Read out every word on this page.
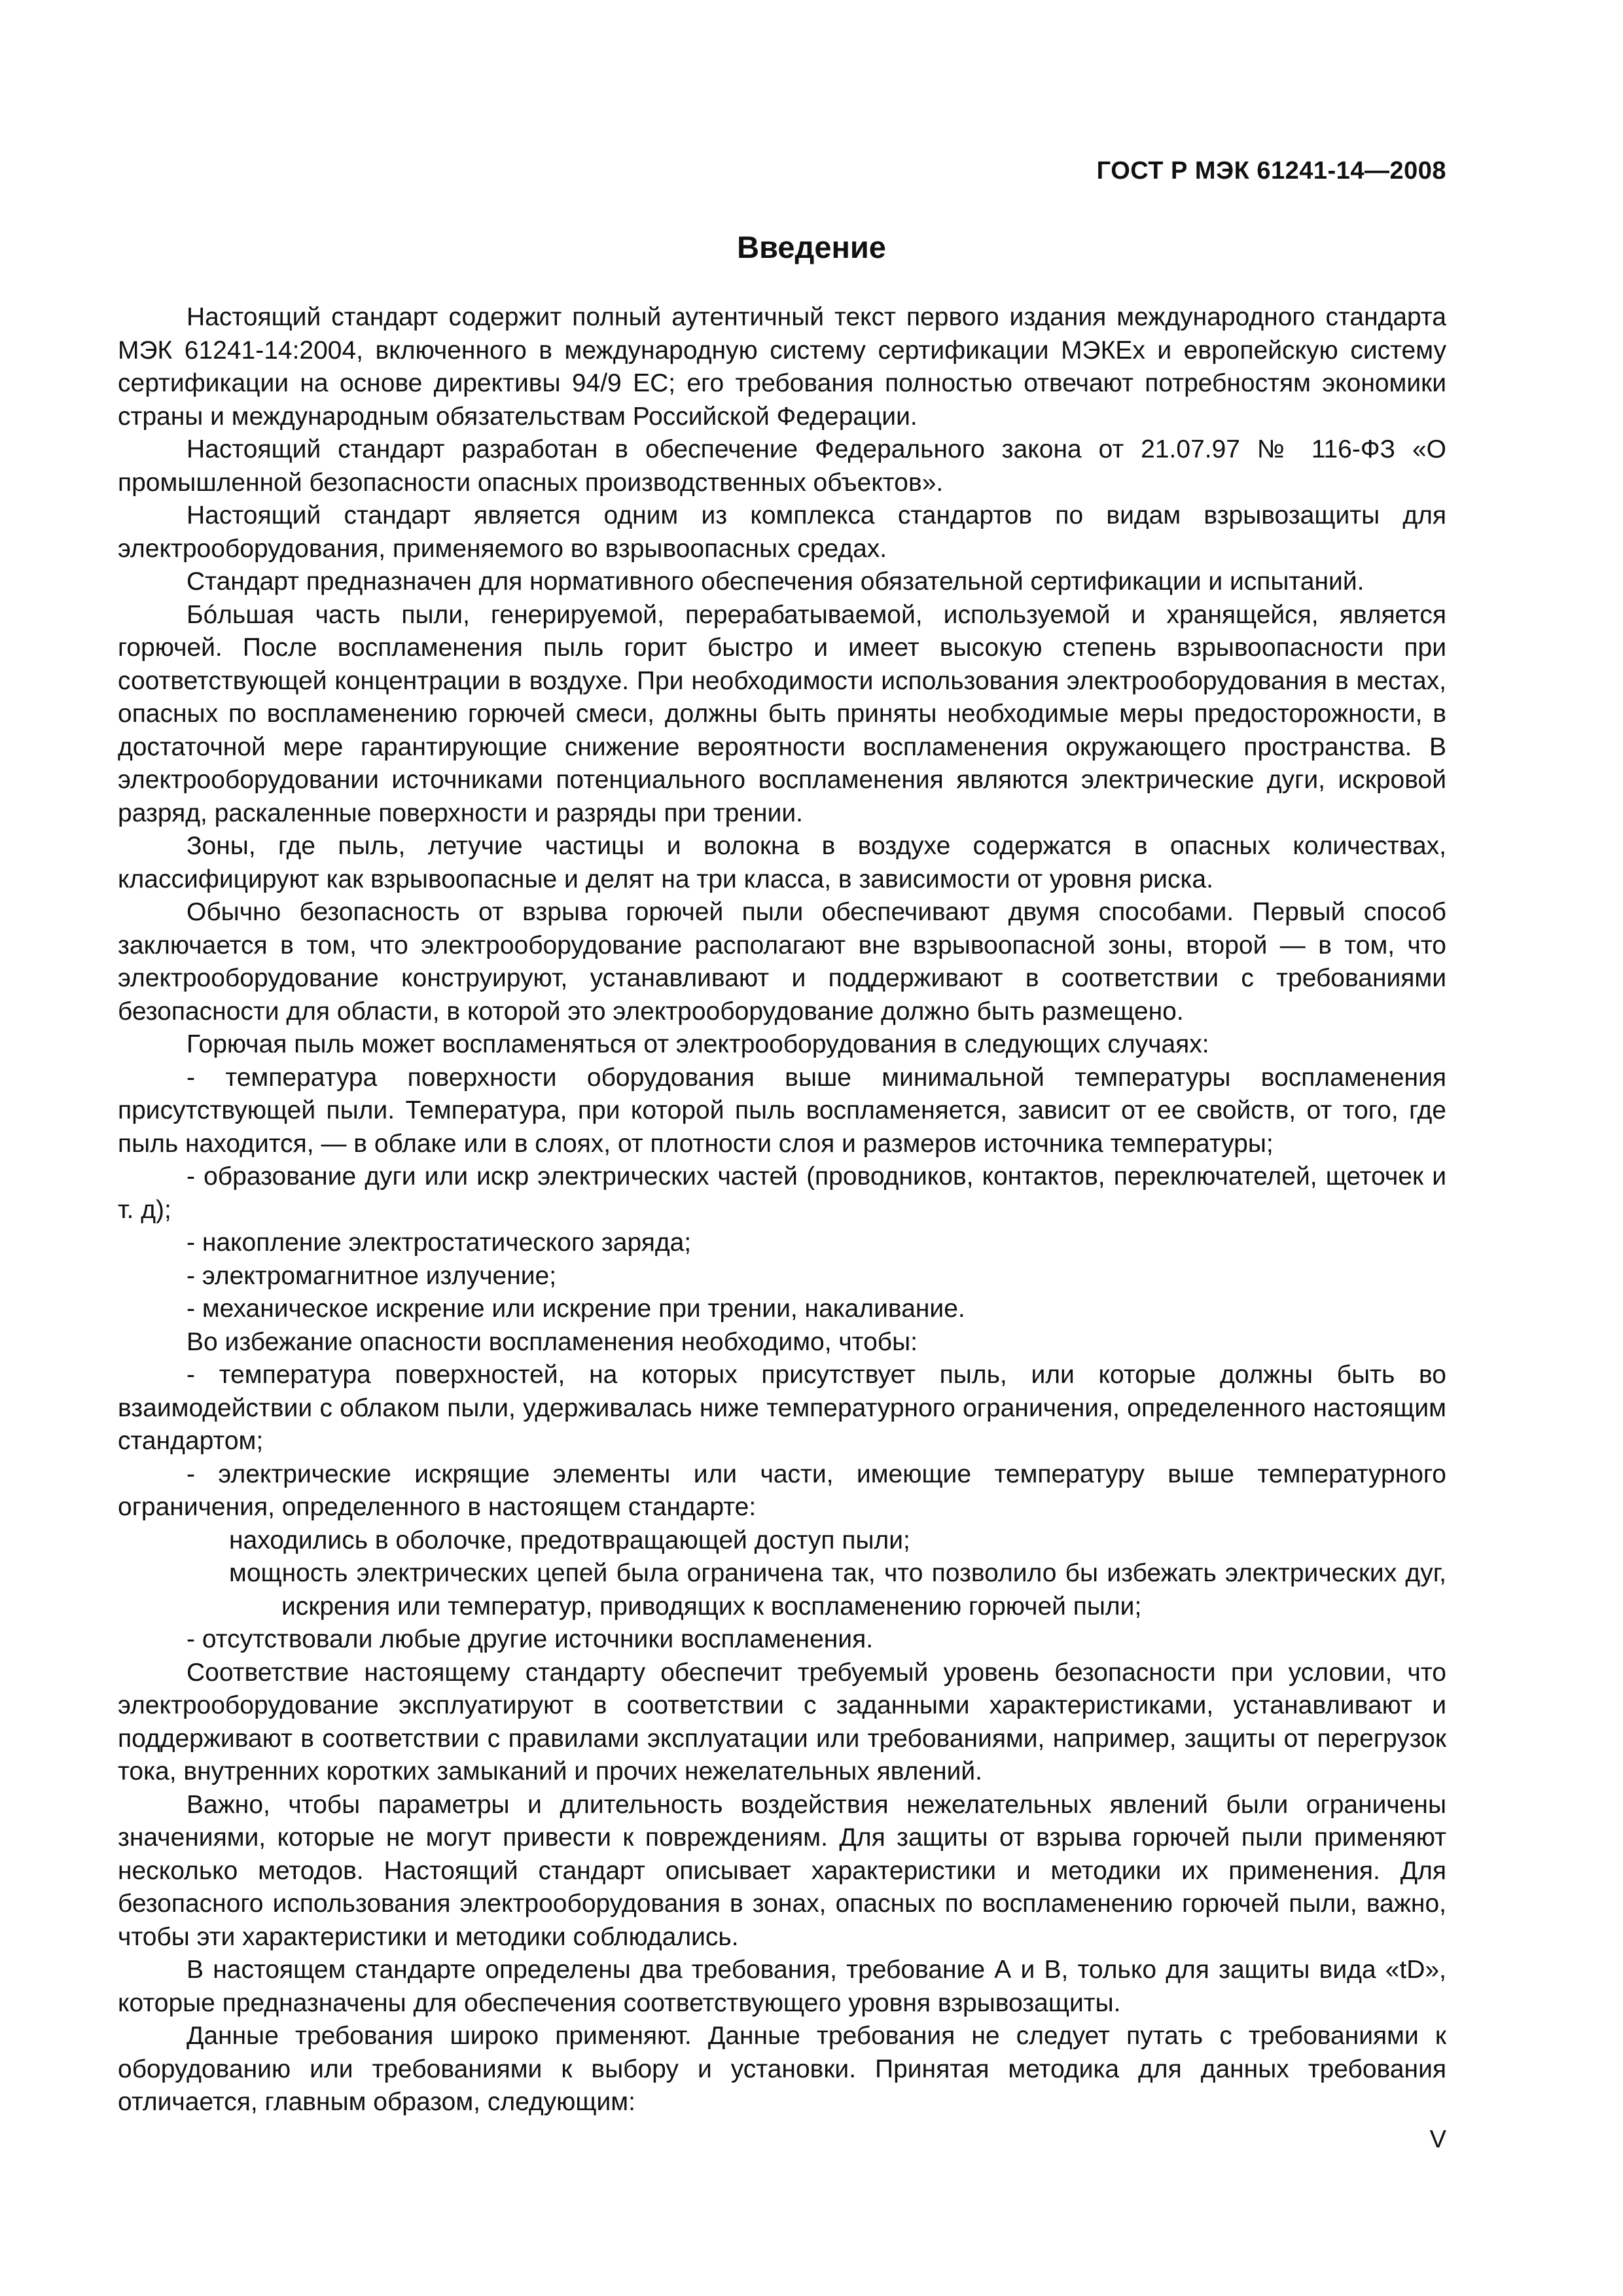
ГОСТ Р МЭК 61241-14—2008
Введение

Настоящий стандарт содержит полный аутентичный текст первого издания международного стандарта МЭК 61241-14:2004, включенного в международную систему сертификации МЭКЕх и европейскую систему сертификации на основе директивы 94/9 ЕС; его требования полностью отвечают потребностям экономики страны и международным обязательствам Российской Федерации.

Настоящий стандарт разработан в обеспечение Федерального закона от 21.07.97 № 116-ФЗ «О промышленной безопасности опасных производственных объектов».

Настоящий стандарт является одним из комплекса стандартов по видам взрывозащиты для электрооборудования, применяемого во взрывоопасных средах.

Стандарт предназначен для нормативного обеспечения обязательной сертификации и испытаний.

Бóльшая часть пыли, генерируемой, перерабатываемой, используемой и хранящейся, является горючей. После воспламенения пыль горит быстро и имеет высокую степень взрывоопасности при соответствующей концентрации в воздухе. При необходимости использования электрооборудования в местах, опасных по воспламенению горючей смеси, должны быть приняты необходимые меры предосторожности, в достаточной мере гарантирующие снижение вероятности воспламенения окружающего пространства. В электрооборудовании источниками потенциального воспламенения являются электрические дуги, искровой разряд, раскаленные поверхности и разряды при трении.

Зоны, где пыль, летучие частицы и волокна в воздухе содержатся в опасных количествах, классифицируют как взрывоопасные и делят на три класса, в зависимости от уровня риска.

Обычно безопасность от взрыва горючей пыли обеспечивают двумя способами. Первый способ заключается в том, что электрооборудование располагают вне взрывоопасной зоны, второй — в том, что электрооборудование конструируют, устанавливают и поддерживают в соответствии с требованиями безопасности для области, в которой это электрооборудование должно быть размещено.

Горючая пыль может воспламеняться от электрооборудования в следующих случаях:

- температура поверхности оборудования выше минимальной температуры воспламенения присутствующей пыли. Температура, при которой пыль воспламеняется, зависит от ее свойств, от того, где пыль находится, — в облаке или в слоях, от плотности слоя и размеров источника температуры;

- образование дуги или искр электрических частей (проводников, контактов, переключателей, щеточек и т. д);

- накопление электростатического заряда;

- электромагнитное излучение;

- механическое искрение или искрение при трении, накаливание.

Во избежание опасности воспламенения необходимо, чтобы:

- температура поверхностей, на которых присутствует пыль, или которые должны быть во взаимодействии с облаком пыли, удерживалась ниже температурного ограничения, определенного настоящим стандартом;

- электрические искрящие элементы или части, имеющие температуру выше температурного ограничения, определенного в настоящем стандарте:

находились в оболочке, предотвращающей доступ пыли;

мощность электрических цепей была ограничена так, что позволило бы избежать электрических дуг, искрения или температур, приводящих к воспламенению горючей пыли;

- отсутствовали любые другие источники воспламенения.

Соответствие настоящему стандарту обеспечит требуемый уровень безопасности при условии, что электрооборудование эксплуатируют в соответствии с заданными характеристиками, устанавливают и поддерживают в соответствии с правилами эксплуатации или требованиями, например, защиты от перегрузок тока, внутренних коротких замыканий и прочих нежелательных явлений.

Важно, чтобы параметры и длительность воздействия нежелательных явлений были ограничены значениями, которые не могут привести к повреждениям. Для защиты от взрыва горючей пыли применяют несколько методов. Настоящий стандарт описывает характеристики и методики их применения. Для безопасного использования электрооборудования в зонах, опасных по воспламенению горючей пыли, важно, чтобы эти характеристики и методики соблюдались.

В настоящем стандарте определены два требования, требование А и В, только для защиты вида «tD», которые предназначены для обеспечения соответствующего уровня взрывозащиты.

Данные требования широко применяют. Данные требования не следует путать с требованиями к оборудованию или требованиями к выбору и установки. Принятая методика для данных требования отличается, главным образом, следующим:

V
